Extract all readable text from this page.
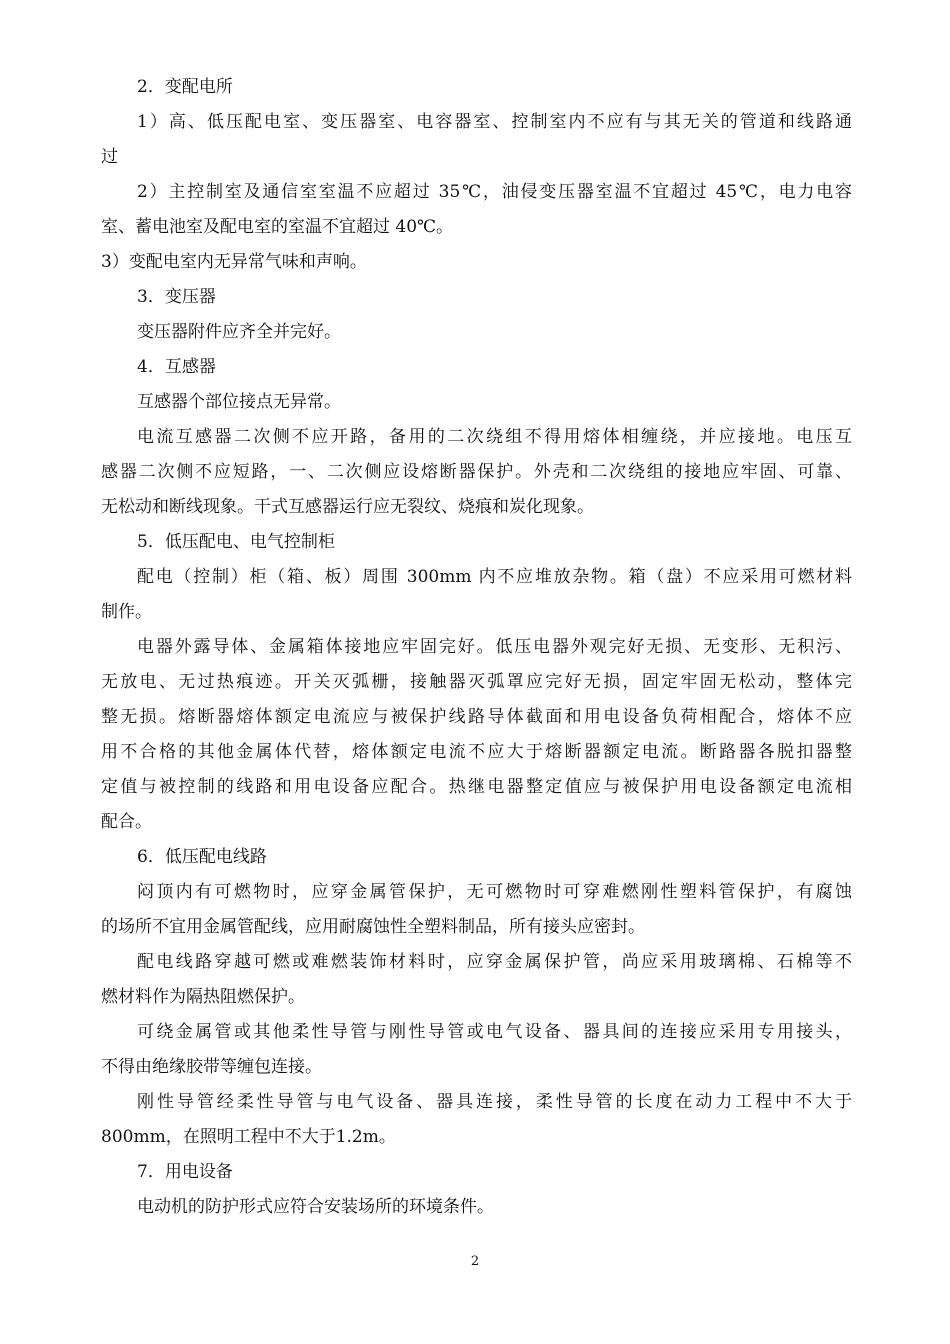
2．变配电所
1）高、低压配电室、变压器室、电容器室、控制室内不应有与其无关的管道和线路通
过
2）主控制室及通信室室温不应超过 35℃，油侵变压器室温不宜超过 45℃，电力电容
室、蓄电池室及配电室的室温不宜超过 40℃。
3）变配电室内无异常气味和声响。
3．变压器
变压器附件应齐全并完好。
4．互感器
互感器个部位接点无异常。
电流互感器二次侧不应开路，备用的二次绕组不得用熔体相缠绕，并应接地。电压互
感器二次侧不应短路，一、二次侧应设熔断器保护。外壳和二次绕组的接地应牢固、可靠、
无松动和断线现象。干式互感器运行应无裂纹、烧痕和炭化现象。
5．低压配电、电气控制柜
配电（控制）柜（箱、板）周围 300mm 内不应堆放杂物。箱（盘）不应采用可燃材料
制作。
电器外露导体、金属箱体接地应牢固完好。低压电器外观完好无损、无变形、无积污、
无放电、无过热痕迹。开关灭弧栅，接触器灭弧罩应完好无损，固定牢固无松动，整体完
整无损。熔断器熔体额定电流应与被保护线路导体截面和用电设备负荷相配合，熔体不应
用不合格的其他金属体代替，熔体额定电流不应大于熔断器额定电流。断路器各脱扣器整
定值与被控制的线路和用电设备应配合。热继电器整定值应与被保护用电设备额定电流相
配合。
6．低压配电线路
闷顶内有可燃物时，应穿金属管保护，无可燃物时可穿难燃刚性塑料管保护，有腐蚀
的场所不宜用金属管配线，应用耐腐蚀性全塑料制品，所有接头应密封。
配电线路穿越可燃或难燃装饰材料时，应穿金属保护管，尚应采用玻璃棉、石棉等不
燃材料作为隔热阻燃保护。
可绕金属管或其他柔性导管与刚性导管或电气设备、器具间的连接应采用专用接头，
不得由绝缘胶带等缠包连接。
刚性导管经柔性导管与电气设备、器具连接，柔性导管的长度在动力工程中不大于
800mm，在照明工程中不大于1.2m。
7．用电设备
电动机的防护形式应符合安装场所的环境条件。
2
